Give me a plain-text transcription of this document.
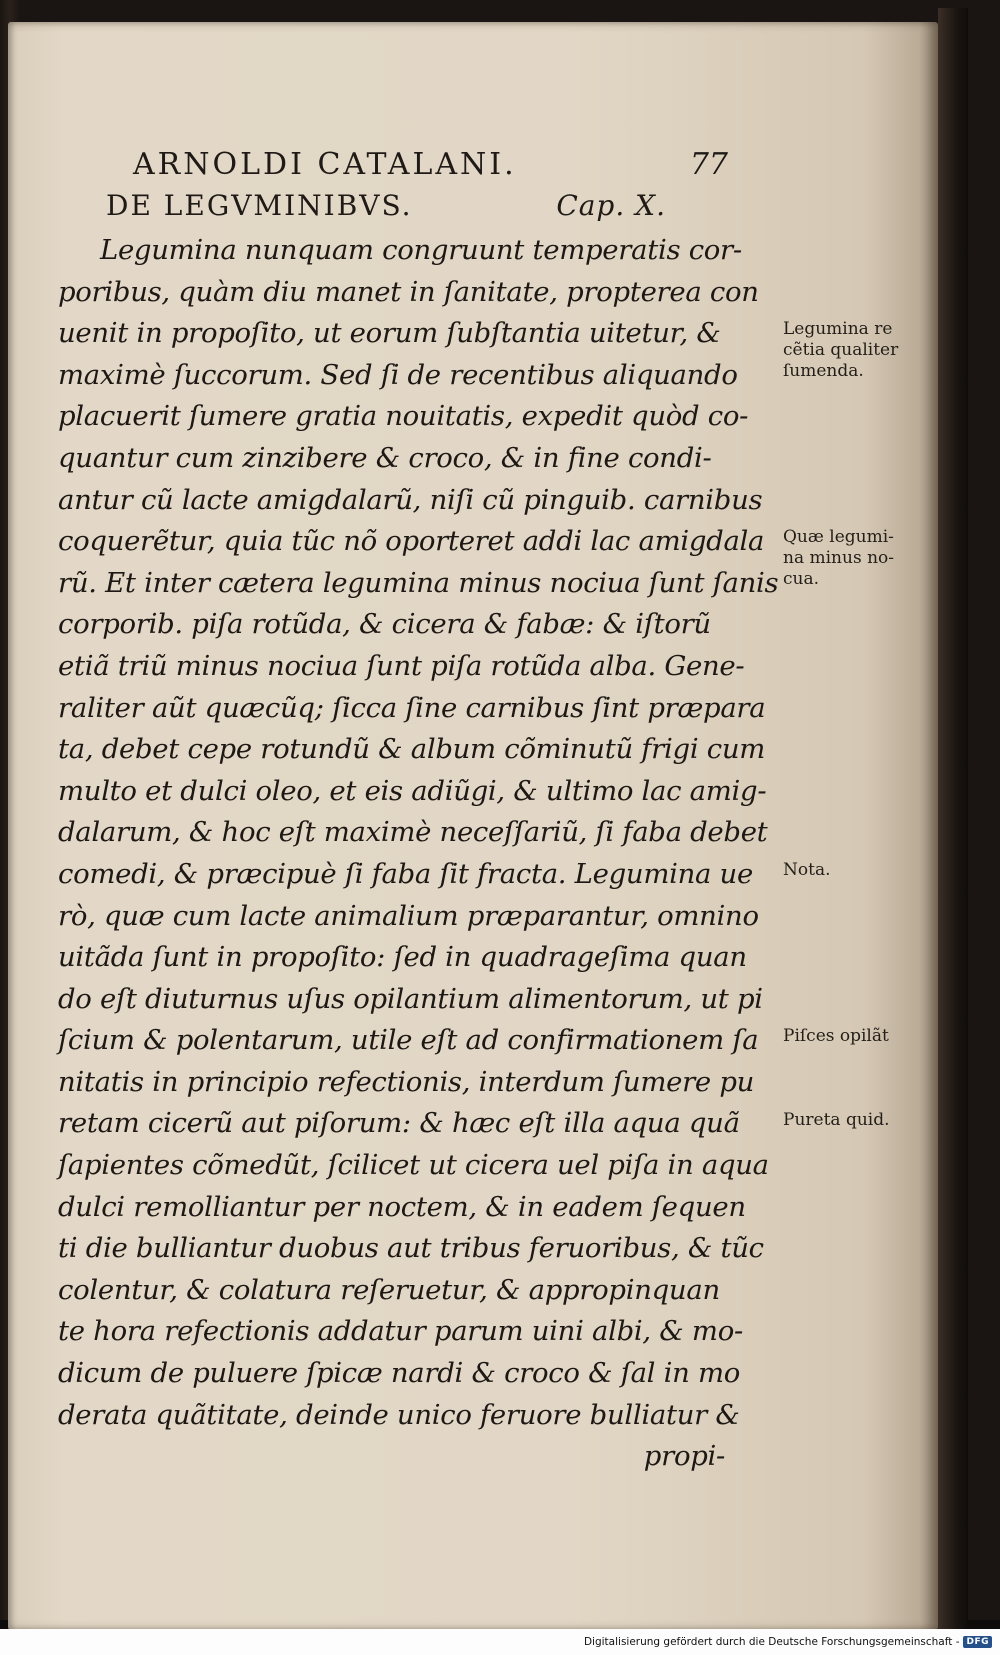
ARNOLDI CATALANI.	77
DE LEGVMINIBVS.	Cap. X.
Legumina nunquam congruunt temperatis cor-
poribus, quàm diu manet in ſanitate, propterea con
uenit in propoſito, ut eorum ſubſtantia uitetur, &
maximè ſuccorum. Sed ſi de recentibus aliquando
placuerit ſumere gratia nouitatis, expedit quòd co-
quantur cum zinzibere & croco, & in fine condi-
antur cũ lacte amigdalarũ, niſi cũ pinguib. carnibus
coquerẽtur, quia tũc nõ oporteret addi lac amigdala
rũ. Et inter cætera legumina minus nociua ſunt ſanis
corporib. piſa rotũda, & cicera & fabæ: & iſtorũ
etiã triũ minus nociua ſunt piſa rotũda alba. Gene-
raliter aũt quæcũq; ſicca ſine carnibus ſint præpara
ta, debet cepe rotundũ & album cõminutũ frigi cum
multo et dulci oleo, et eis adiũgi, & ultimo lac amig-
dalarum, & hoc eſt maximè neceſſariũ, ſi faba debet
comedi, & præcipuè ſi faba ſit fracta. Legumina ue
rò, quæ cum lacte animalium præparantur, omnino
uitãda ſunt in propoſito: ſed in quadrageſima quan
do eſt diuturnus uſus opilantium alimentorum, ut pi
ſcium & polentarum, utile eſt ad confirmationem ſa
nitatis in principio refectionis, interdum ſumere pu
retam cicerũ aut piſorum: & hæc eſt illa aqua quã
ſapientes cõmedũt, ſcilicet ut cicera uel piſa in aqua
dulci remolliantur per noctem, & in eadem ſequen
ti die bulliantur duobus aut tribus feruoribus, & tũc
colentur, & colatura reſeruetur, & appropinquan
te hora refectionis addatur parum uini albi, & mo-
dicum de puluere ſpicæ nardi & croco & ſal in mo
derata quãtitate, deinde unico feruore bulliatur &
propi-
Legumina re
cẽtia qualiter
ſumenda.
Quæ legumi-
na minus no-
cua.
Nota.
Piſces opilãt
Pureta quid.
Digitalisierung gefördert durch die Deutsche Forschungsgemeinschaft - DFG
